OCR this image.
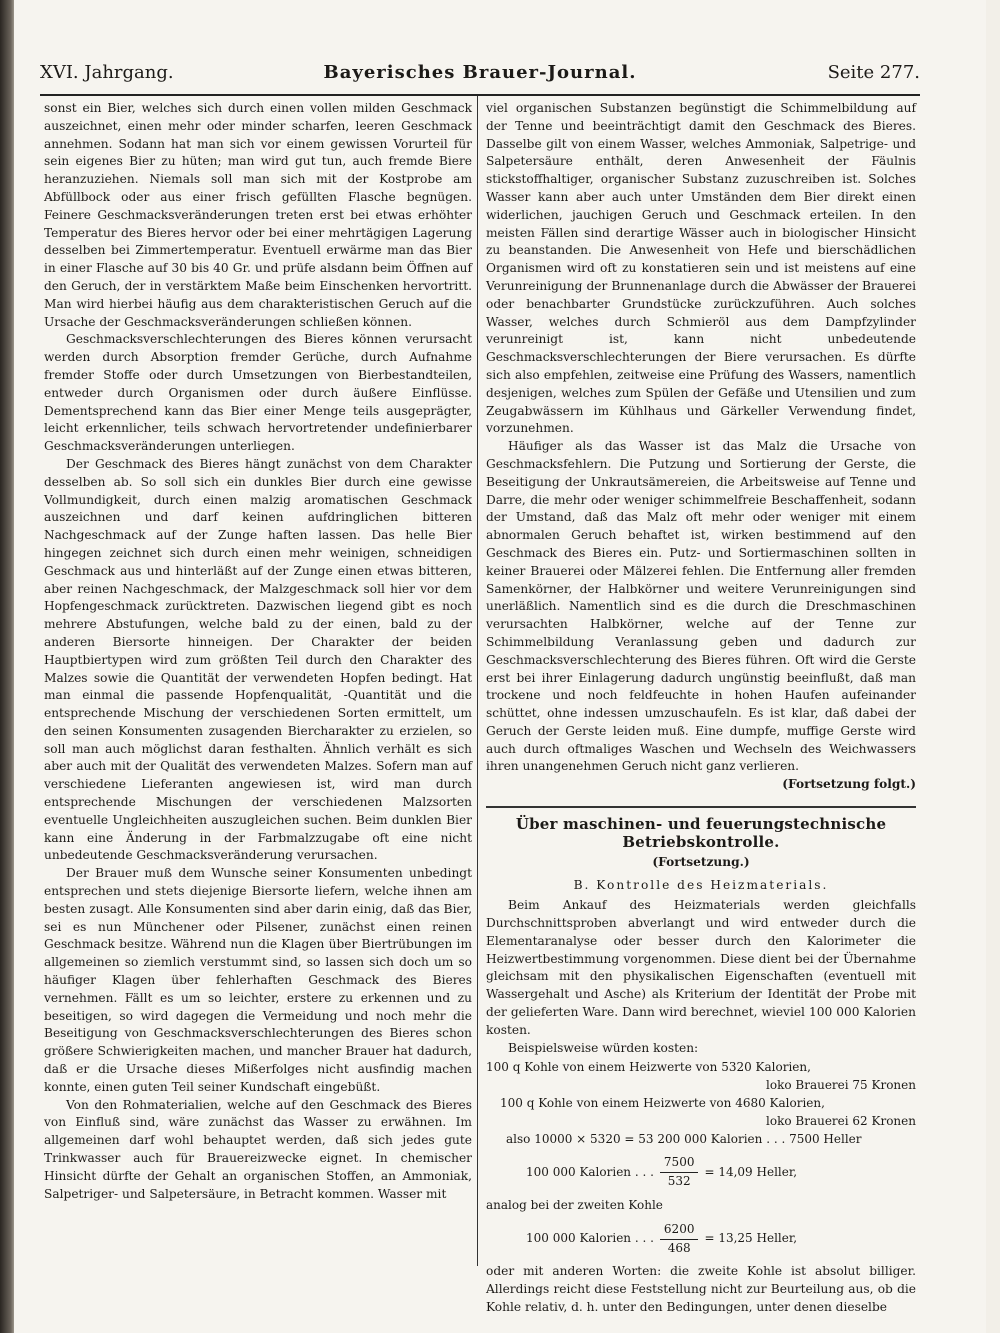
XVI. Jahrgang.	Bayerisches Brauer-Journal.	Seite 277.

sonst ein Bier, welches sich durch einen vollen milden Geschmack auszeichnet, einen mehr oder minder scharfen, leeren Geschmack annehmen. Sodann hat man sich vor einem gewissen Vorurteil für sein eigenes Bier zu hüten; man wird gut tun, auch fremde Biere heranzuziehen. Niemals soll man sich mit der Kostprobe am Abfüllbock oder aus einer frisch gefüllten Flasche begnügen. Feinere Geschmacksveränderungen treten erst bei etwas erhöhter Temperatur des Bieres hervor oder bei einer mehrtägigen Lagerung desselben bei Zimmertemperatur. Eventuell erwärme man das Bier in einer Flasche auf 30 bis 40 Gr. und prüfe alsdann beim Öffnen auf den Geruch, der in verstärktem Maße beim Einschenken hervortritt. Man wird hierbei häufig aus dem charakteristischen Geruch auf die Ursache der Geschmacksveränderungen schließen können.

Geschmacksverschlechterungen des Bieres können verursacht werden durch Absorption fremder Gerüche, durch Aufnahme fremder Stoffe oder durch Umsetzungen von Bierbestandteilen, entweder durch Organismen oder durch äußere Einflüsse. Dementsprechend kann das Bier einer Menge teils ausgeprägter, leicht erkennlicher, teils schwach hervortretender undefinierbarer Geschmacksveränderungen unterliegen.

Der Geschmack des Bieres hängt zunächst von dem Charakter desselben ab. So soll sich ein dunkles Bier durch eine gewisse Vollmundigkeit, durch einen malzig aromatischen Geschmack auszeichnen und darf keinen aufdringlichen bitteren Nachgeschmack auf der Zunge haften lassen. Das helle Bier hingegen zeichnet sich durch einen mehr weinigen, schneidigen Geschmack aus und hinterläßt auf der Zunge einen etwas bitteren, aber reinen Nachgeschmack, der Malzgeschmack soll hier vor dem Hopfengeschmack zurücktreten. Dazwischen liegend gibt es noch mehrere Abstufungen, welche bald zu der einen, bald zu der anderen Biersorte hinneigen. Der Charakter der beiden Hauptbiertypen wird zum größten Teil durch den Charakter des Malzes sowie die Quantität der verwendeten Hopfen bedingt. Hat man einmal die passende Hopfenqualität, -Quantität und die entsprechende Mischung der verschiedenen Sorten ermittelt, um den seinen Konsumenten zusagenden Biercharakter zu erzielen, so soll man auch möglichst daran festhalten. Ähnlich verhält es sich aber auch mit der Qualität des verwendeten Malzes. Sofern man auf verschiedene Lieferanten angewiesen ist, wird man durch entsprechende Mischungen der verschiedenen Malzsorten eventuelle Ungleichheiten auszugleichen suchen. Beim dunklen Bier kann eine Änderung in der Farbmalzzugabe oft eine nicht unbedeutende Geschmacksveränderung verursachen.

Der Brauer muß dem Wunsche seiner Konsumenten unbedingt entsprechen und stets diejenige Biersorte liefern, welche ihnen am besten zusagt. Alle Konsumenten sind aber darin einig, daß das Bier, sei es nun Münchener oder Pilsener, zunächst einen reinen Geschmack besitze. Während nun die Klagen über Biertrübungen im allgemeinen so ziemlich verstummt sind, so lassen sich doch um so häufiger Klagen über fehlerhaften Geschmack des Bieres vernehmen. Fällt es um so leichter, erstere zu erkennen und zu beseitigen, so wird dagegen die Vermeidung und noch mehr die Beseitigung von Geschmacksverschlechterungen des Bieres schon größere Schwierigkeiten machen, und mancher Brauer hat dadurch, daß er die Ursache dieses Mißerfolges nicht ausfindig machen konnte, einen guten Teil seiner Kundschaft eingebüßt.

Von den Rohmaterialien, welche auf den Geschmack des Bieres von Einfluß sind, wäre zunächst das Wasser zu erwähnen. Im allgemeinen darf wohl behauptet werden, daß sich jedes gute Trinkwasser auch für Brauereizwecke eignet. In chemischer Hinsicht dürfte der Gehalt an organischen Stoffen, an Ammoniak, Salpetriger- und Salpetersäure, in Betracht kommen. Wasser mit

viel organischen Substanzen begünstigt die Schimmelbildung auf der Tenne und beeinträchtigt damit den Geschmack des Bieres. Dasselbe gilt von einem Wasser, welches Ammoniak, Salpetrige- und Salpetersäure enthält, deren Anwesenheit der Fäulnis stickstoffhaltiger, organischer Substanz zuzuschreiben ist. Solches Wasser kann aber auch unter Umständen dem Bier direkt einen widerlichen, jauchigen Geruch und Geschmack erteilen. In den meisten Fällen sind derartige Wässer auch in biologischer Hinsicht zu beanstanden. Die Anwesenheit von Hefe und bierschädlichen Organismen wird oft zu konstatieren sein und ist meistens auf eine Verunreinigung der Brunnenanlage durch die Abwässer der Brauerei oder benachbarter Grundstücke zurückzuführen. Auch solches Wasser, welches durch Schmieröl aus dem Dampfzylinder verunreinigt ist, kann nicht unbedeutende Geschmacksverschlechterungen der Biere verursachen. Es dürfte sich also empfehlen, zeitweise eine Prüfung des Wassers, namentlich desjenigen, welches zum Spülen der Gefäße und Utensilien und zum Zeugabwässern im Kühlhaus und Gärkeller Verwendung findet, vorzunehmen.

Häufiger als das Wasser ist das Malz die Ursache von Geschmacksfehlern. Die Putzung und Sortierung der Gerste, die Beseitigung der Unkrautsämereien, die Arbeitsweise auf Tenne und Darre, die mehr oder weniger schimmelfreie Beschaffenheit, sodann der Umstand, daß das Malz oft mehr oder weniger mit einem abnormalen Geruch behaftet ist, wirken bestimmend auf den Geschmack des Bieres ein. Putz- und Sortiermaschinen sollten in keiner Brauerei oder Mälzerei fehlen. Die Entfernung aller fremden Samenkörner, der Halbkörner und weitere Verunreinigungen sind unerläßlich. Namentlich sind es die durch die Dreschmaschinen verursachten Halbkörner, welche auf der Tenne zur Schimmelbildung Veranlassung geben und dadurch zur Geschmacksverschlechterung des Bieres führen. Oft wird die Gerste erst bei ihrer Einlagerung dadurch ungünstig beeinflußt, daß man trockene und noch feldfeuchte in hohen Haufen aufeinander schüttet, ohne indessen umzuschaufeln. Es ist klar, daß dabei der Geruch der Gerste leiden muß. Eine dumpfe, muffige Gerste wird auch durch oftmaliges Waschen und Wechseln des Weichwassers ihren unangenehmen Geruch nicht ganz verlieren.

(Fortsetzung folgt.)

Über maschinen- und feuerungstechnische Betriebskontrolle.
(Fortsetzung.)
B. Kontrolle des Heizmaterials.

Beim Ankauf des Heizmaterials werden gleichfalls Durchschnittsproben abverlangt und wird entweder durch die Elementaranalyse oder besser durch den Kalorimeter die Heizwertbestimmung vorgenommen. Diese dient bei der Übernahme gleichsam mit den physikalischen Eigenschaften (eventuell mit Wassergehalt und Asche) als Kriterium der Identität der Probe mit der gelieferten Ware. Dann wird berechnet, wieviel 100 000 Kalorien kosten.

Beispielsweise würden kosten:

100 q Kohle von einem Heizwerte von 5320 Kalorien,
loko Brauerei 75 Kronen
100 q Kohle von einem Heizwerte von 4680 Kalorien,
loko Brauerei 62 Kronen
also 10000 × 5320 = 53 200 000 Kalorien . . . 7500 Heller
100 000 Kalorien . . . $\frac{7500}{532} = 14,09$ Heller,
analog bei der zweiten Kohle
100 000 Kalorien . . . $\frac{6200}{468} = 13,25$ Heller,

oder mit anderen Worten: die zweite Kohle ist absolut billiger. Allerdings reicht diese Feststellung nicht zur Beurteilung aus, ob die Kohle relativ, d. h. unter den Bedingungen, unter denen dieselbe
